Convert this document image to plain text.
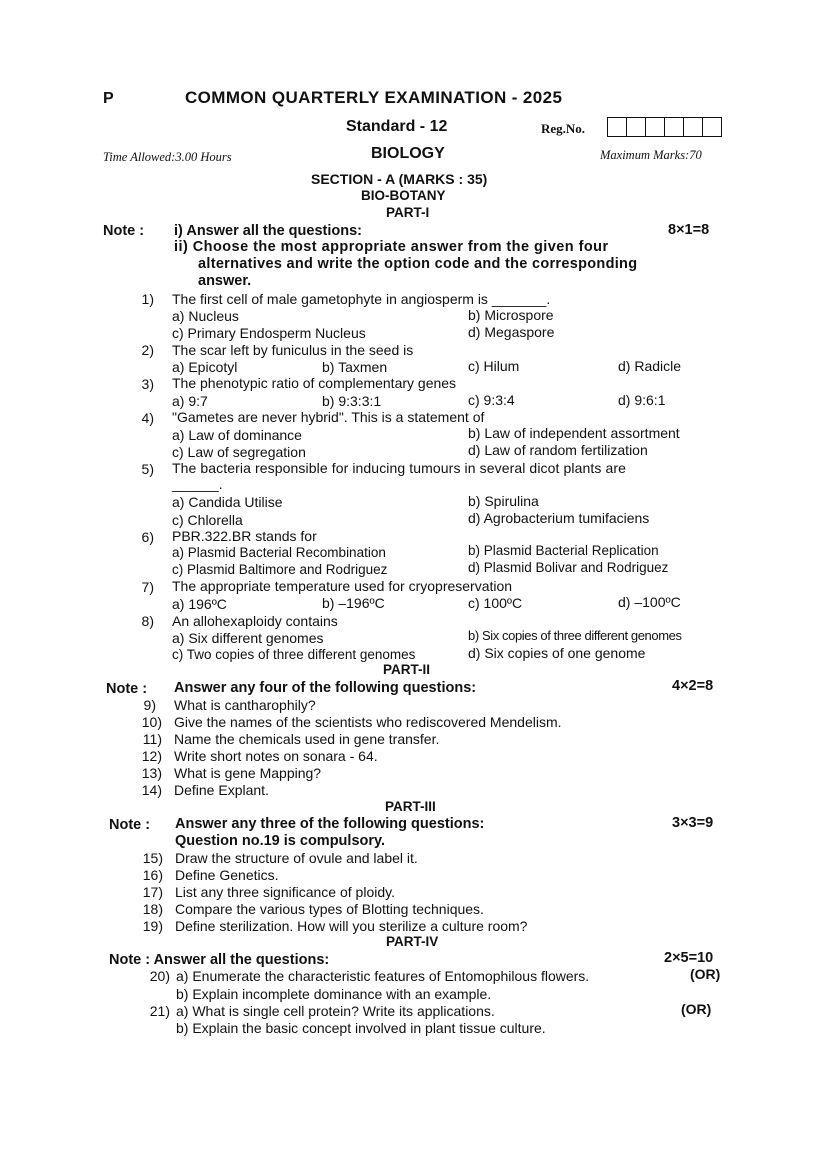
P	COMMON QUARTERLY EXAMINATION - 2025
Standard - 12	Reg.No.
Time Allowed:3.00 Hours	BIOLOGY	Maximum Marks:70
SECTION - A (MARKS : 35)
BIO-BOTANY
PART-I
Note : i) Answer all the questions:	8×1=8
ii) Choose the most appropriate answer from the given four
alternatives and write the option code and the corresponding
answer.
1) The first cell of male gametophyte in angiosperm is _______.
a) Nucleus	b) Microspore
c) Primary Endosperm Nucleus	d) Megaspore
2) The scar left by funiculus in the seed is
a) Epicotyl	b) Taxmen	c) Hilum	d) Radicle
3) The phenotypic ratio of complementary genes
a) 9:7	b) 9:3:3:1	c) 9:3:4	d) 9:6:1
4) "Gametes are never hybrid". This is a statement of
a) Law of dominance	b) Law of independent assortment
c) Law of segregation	d) Law of random fertilization
5) The bacteria responsible for inducing tumours in several dicot plants are
______.
a) Candida Utilise	b) Spirulina
c) Chlorella	d) Agrobacterium tumifaciens
6) PBR.322.BR stands for
a) Plasmid Bacterial Recombination	b) Plasmid Bacterial Replication
c) Plasmid Baltimore and Rodriguez	d) Plasmid Bolivar and Rodriguez
7) The appropriate temperature used for cryopreservation
a) 196ºC	b) –196ºC	c) 100ºC	d) –100ºC
8) An allohexaploidy contains
a) Six different genomes	b) Six copies of three different genomes
c) Two copies of three different genomes	d) Six copies of one genome
PART-II
Note : Answer any four of the following questions:	4×2=8
9) What is cantharophily?
10) Give the names of the scientists who rediscovered Mendelism.
11) Name the chemicals used in gene transfer.
12) Write short notes on sonara - 64.
13) What is gene Mapping?
14) Define Explant.
PART-III
Note : Answer any three of the following questions:	3×3=9
Question no.19 is compulsory.
15) Draw the structure of ovule and label it.
16) Define Genetics.
17) List any three significance of ploidy.
18) Compare the various types of Blotting techniques.
19) Define sterilization. How will you sterilize a culture room?
PART-IV
Note : Answer all the questions:	2×5=10
20) a) Enumerate the characteristic features of Entomophilous flowers.	(OR)
b) Explain incomplete dominance with an example.
21) a) What is single cell protein? Write its applications.	(OR)
b) Explain the basic concept involved in plant tissue culture.
